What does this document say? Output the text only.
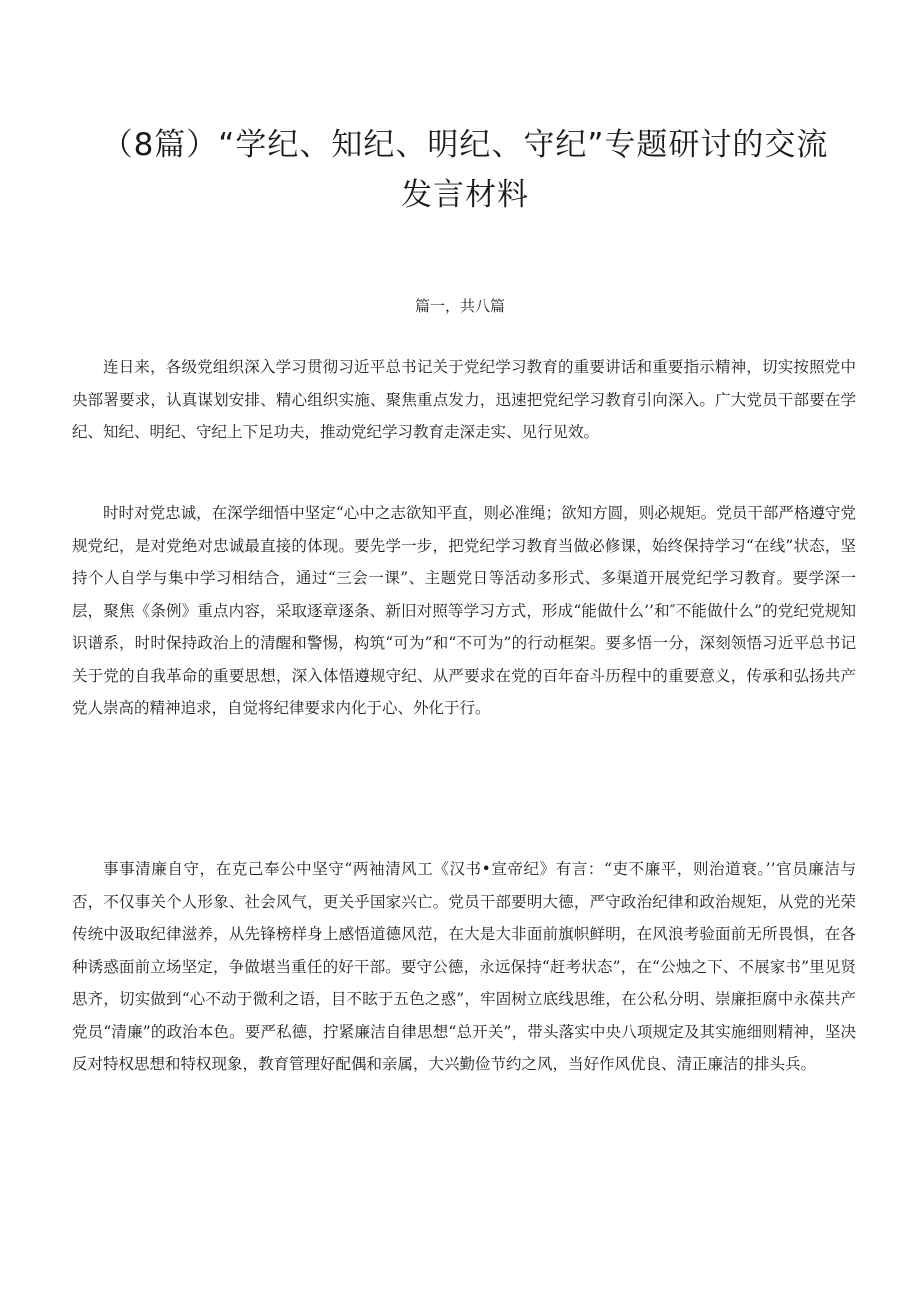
（8篇）“学纪、知纪、明纪、守纪”专题研讨的交流
发言材料

篇一，共八篇

连日来，各级党组织深入学习贯彻习近平总书记关于党纪学习教育的重要讲话和重要指示精神，切实按照党中央部署要求，认真谋划安排、精心组织实施、聚焦重点发力，迅速把党纪学习教育引向深入。广大党员干部要在学纪、知纪、明纪、守纪上下足功夫，推动党纪学习教育走深走实、见行见效。

时时对党忠诚，在深学细悟中坚定“心中之志欲知平直，则必准绳；欲知方圆，则必规矩。党员干部严格遵守党规党纪，是对党绝对忠诚最直接的体现。要先学一步，把党纪学习教育当做必修课，始终保持学习“在线”状态，坚持个人自学与集中学习相结合，通过“三会一课”、主题党日等活动多形式、多渠道开展党纪学习教育。要学深一层，聚焦《条例》重点内容，采取逐章逐条、新旧对照等学习方式，形成“能做什么’’和″不能做什么”的党纪党规知识谱系，时时保持政治上的清醒和警惕，构筑“可为”和“不可为”的行动框架。要多悟一分，深刻领悟习近平总书记关于党的自我革命的重要思想，深入体悟遵规守纪、从严要求在党的百年奋斗历程中的重要意义，传承和弘扬共产党人崇高的精神追求，自觉将纪律要求内化于心、外化于行。

事事清廉自守，在克己奉公中坚守“两袖清风工《汉书•宣帝纪》有言：“吏不廉平，则治道衰。’’官员廉洁与否，不仅事关个人形象、社会风气，更关乎国家兴亡。党员干部要明大德，严守政治纪律和政治规矩，从党的光荣传统中汲取纪律滋养，从先锋榜样身上感悟道德风范，在大是大非面前旗帜鲜明，在风浪考验面前无所畏惧，在各种诱惑面前立场坚定，争做堪当重任的好干部。要守公德，永远保持“赶考状态”，在“公烛之下、不展家书”里见贤思齐，切实做到“心不动于微利之语，目不眩于五色之惑”，牢固树立底线思维，在公私分明、崇廉拒腐中永葆共产党员“清廉”的政治本色。要严私德，拧紧廉洁自律思想“总开关”，带头落实中央八项规定及其实施细则精神，坚决反对特权思想和特权现象，教育管理好配偶和亲属，大兴勤俭节约之风，当好作风优良、清正廉洁的排头兵。
